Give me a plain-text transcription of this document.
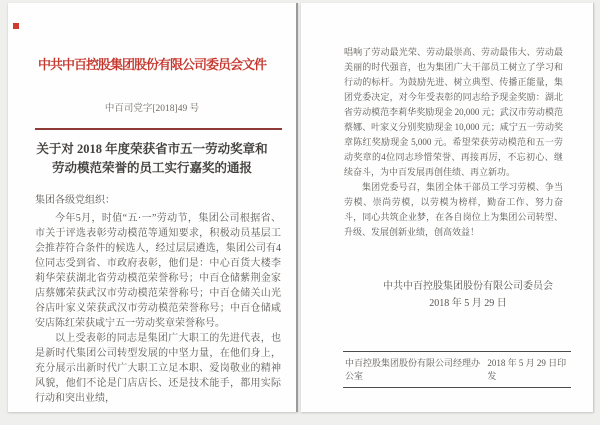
中共中百控股集团股份有限公司委员会文件
中百司党字[2018]49 号
关于对 2018 年度荣获省市五一劳动奖章和
劳动模范荣誉的员工实行嘉奖的通报
集团各级党组织：

今年5月，时值“五·一”劳动节，集团公司根据省、市关于评选表彰劳动模范等通知要求，积极动员基层工会推荐符合条件的候选人，经过层层遴选，集团公司有4位同志受到省、市政府表彰，他们是：中心百货大楼李莉华荣获湖北省劳动模范荣誉称号；中百仓储紫荆金家店蔡娜荣获武汉市劳动模范荣誉称号；中百仓储关山光谷店叶家义荣获武汉市劳动模范荣誉称号；中百仓储咸安店陈红荣获咸宁五一劳动奖章荣誉称号。

以上受表彰的同志是集团广大职工的先进代表，也是新时代集团公司转型发展的中坚力量，在他们身上，充分展示出新时代广大职工立足本职、爱岗敬业的精神风貌，他们不论是门店店长、还是技术能手，都用实际行动和突出业绩，

唱响了劳动最光荣、劳动最崇高、劳动最伟大、劳动最美丽的时代强音，也为集团广大干部员工树立了学习和行动的标杆。为鼓励先进、树立典型、传播正能量，集团党委决定，对今年受表彰的同志给予现金奖励：湖北省劳动模范李莉华奖励现金 20,000 元；武汉市劳动模范蔡娜、叶家义分别奖励现金 10,000 元；咸宁五一劳动奖章陈红奖励现金 5,000 元。希望荣获劳动模范和五一劳动奖章的4位同志珍惜荣誉、再接再厉，不忘初心、继续奋斗，为中百发展再创佳绩、再立新功。

集团党委号召，集团全体干部员工学习劳模、争当劳模、崇尚劳模，以劳模为榜样，勤奋工作、努力奋斗，同心共筑企业梦，在各自岗位上为集团公司转型、升级、发展创新业绩，创高效益！

中共中百控股集团股份有限公司委员会
2018 年 5 月 29 日
中百控股集团股份有限公司经理办公室
2018 年 5 月 29 日印发
